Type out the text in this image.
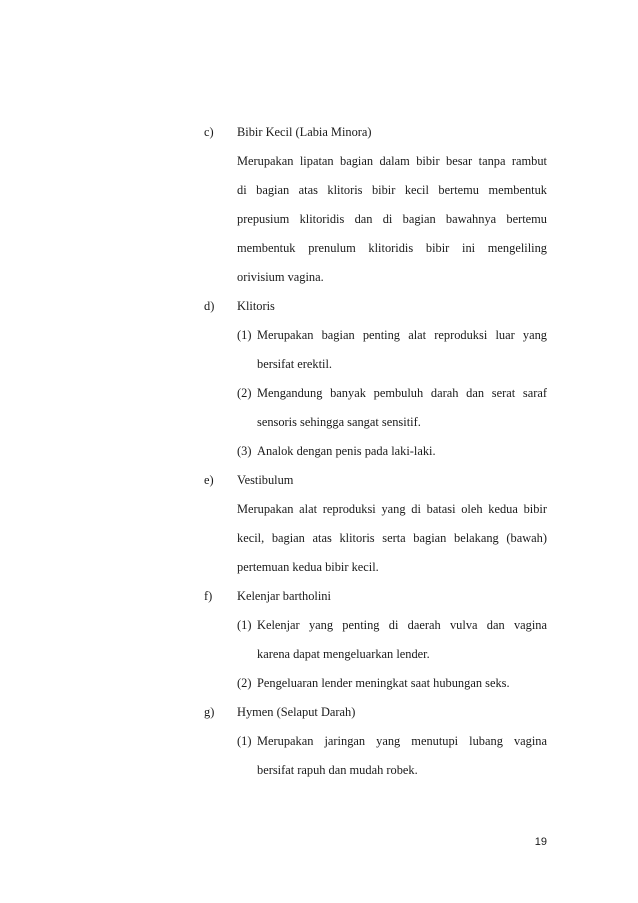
c) Bibir Kecil (Labia Minora)
Merupakan lipatan bagian dalam bibir besar tanpa rambut
di bagian atas klitoris bibir kecil bertemu membentuk
prepusium klitoridis dan di bagian bawahnya bertemu
membentuk prenulum klitoridis bibir ini mengeliling
orivisium vagina.
d) Klitoris
(1) Merupakan bagian penting alat reproduksi luar yang
bersifat erektil.
(2) Mengandung banyak pembuluh darah dan serat saraf
sensoris sehingga sangat sensitif.
(3) Analok dengan penis pada laki-laki.
e) Vestibulum
Merupakan alat reproduksi yang di batasi oleh kedua bibir
kecil, bagian atas klitoris serta bagian belakang (bawah)
pertemuan kedua bibir kecil.
f) Kelenjar bartholini
(1) Kelenjar yang penting di daerah vulva dan vagina
karena dapat mengeluarkan lender.
(2) Pengeluaran lender meningkat saat hubungan seks.
g) Hymen (Selaput Darah)
(1) Merupakan jaringan yang menutupi lubang vagina
bersifat rapuh dan mudah robek.
19
